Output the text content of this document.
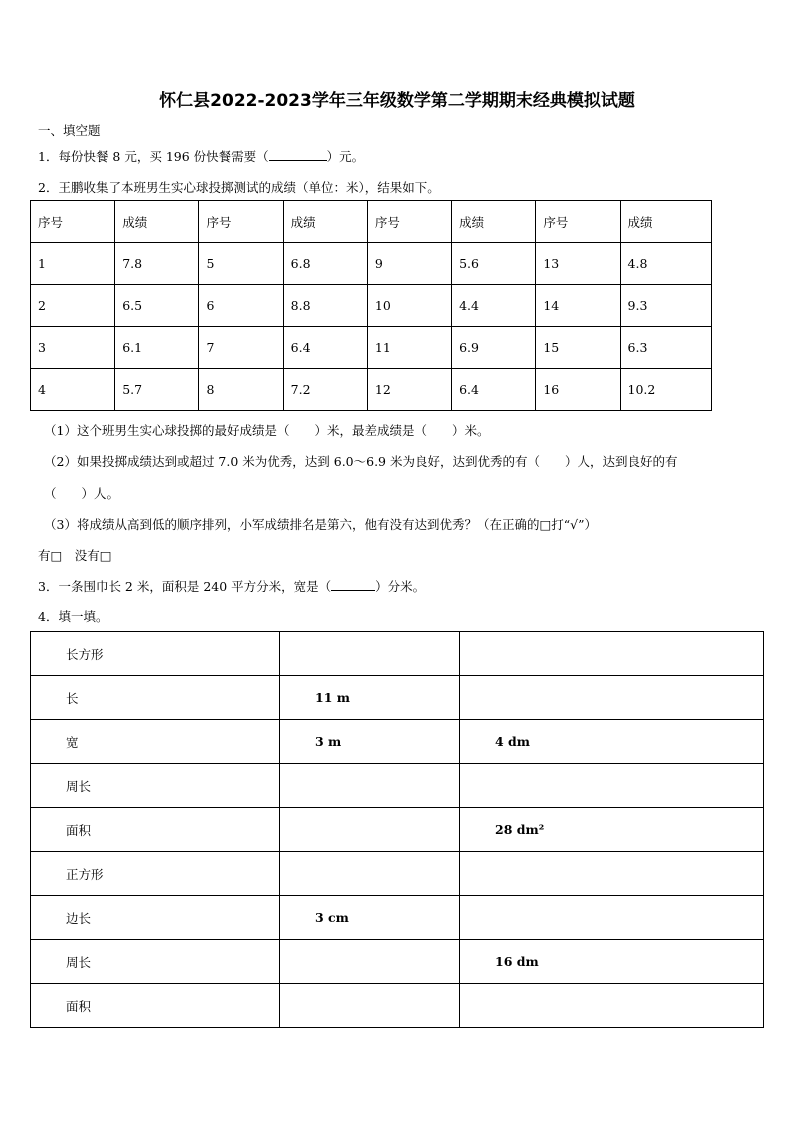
怀仁县2022-2023学年三年级数学第二学期期末经典模拟试题
一、填空题
1．每份快餐 8 元，买 196 份快餐需要（	）元。
2．王鹏收集了本班男生实心球投掷测试的成绩（单位：米），结果如下。
序号	成绩	序号	成绩	序号	成绩	序号	成绩
1	7.8	5	6.8	9	5.6	13	4.8
2	6.5	6	8.8	10	4.4	14	9.3
3	6.1	7	6.4	11	6.9	15	6.3
4	5.7	8	7.2	12	6.4	16	10.2
（1）这个班男生实心球投掷的最好成绩是（　　）米，最差成绩是（　　）米。
（2）如果投掷成绩达到或超过 7.0 米为优秀，达到 6.0～6.9 米为良好，达到优秀的有（　　）人，达到良好的有
（　　）人。
（3）将成绩从高到低的顺序排列，小军成绩排名是第六，他有没有达到优秀？（在正确的□打“√”）
有□　没有□
3．一条围巾长 2 米，面积是 240 平方分米，宽是（	）分米。
4．填一填。
长方形		
长	11 m	
宽	3 m	4 dm
周长		
面积		28 dm²
正方形		
边长	3 cm	
周长		16 dm
面积		
